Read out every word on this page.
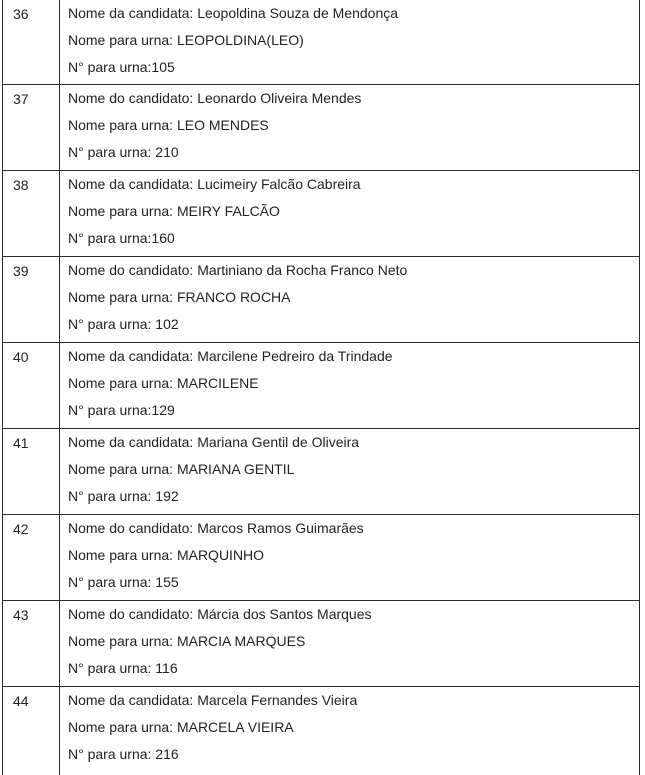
36	Nome da candidata: Leopoldina Souza de Mendonça
Nome para urna: LEOPOLDINA(LEO)
N° para urna:105

37	Nome do candidato: Leonardo Oliveira Mendes
Nome para urna: LEO MENDES
N° para urna: 210

38	Nome da candidata: Lucimeiry Falcão Cabreira
Nome para urna: MEIRY FALCÃO
N° para urna:160

39	Nome do candidato: Martiniano da Rocha Franco Neto
Nome para urna: FRANCO ROCHA
N° para urna: 102

40	Nome da candidata: Marcilene Pedreiro da Trindade
Nome para urna: MARCILENE
N° para urna:129

41	Nome da candidata: Mariana Gentil de Oliveira
Nome para urna: MARIANA GENTIL
N° para urna: 192

42	Nome do candidato: Marcos Ramos Guimarães
Nome para urna: MARQUINHO
N° para urna: 155

43	Nome do candidato: Márcia dos Santos Marques
Nome para urna: MARCIA MARQUES
N° para urna: 116

44	Nome da candidata: Marcela Fernandes Vieira
Nome para urna: MARCELA VIEIRA
N° para urna: 216
